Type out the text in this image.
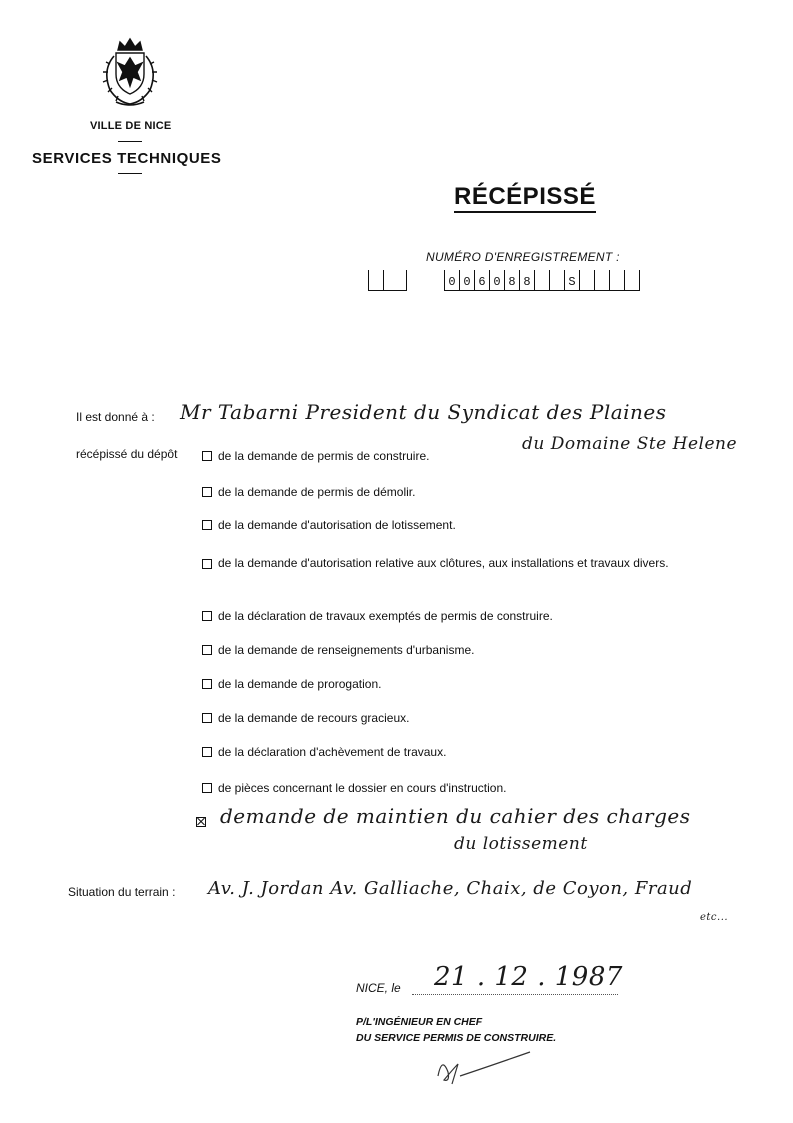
VILLE DE NICE
SERVICES TECHNIQUES
RÉCÉPISSÉ
NUMÉRO D'ENREGISTREMENT :
0 0 6 0 8 8	S
Il est donné à : Mr Tabarni President du Syndicat des Plaines
du Domaine Ste Helene
récépissé du dépôt	de la demande de permis de construire.
de la demande de permis de démolir.
de la demande d'autorisation de lotissement.
de la demande d'autorisation relative aux clôtures, aux installations et travaux divers.
de la déclaration de travaux exemptés de permis de construire.
de la demande de renseignements d'urbanisme.
de la demande de prorogation.
de la demande de recours gracieux.
de la déclaration d'achèvement de travaux.
de pièces concernant le dossier en cours d'instruction.
demande de maintien du cahier des charges
du lotissement
Situation du terrain : Av. J. Jordan Av. Galliache, Chaix, de Coyon, Fraud
etc...
NICE, le 21 . 12 . 1987
P/L'INGÉNIEUR EN CHEF
DU SERVICE PERMIS DE CONSTRUIRE.
